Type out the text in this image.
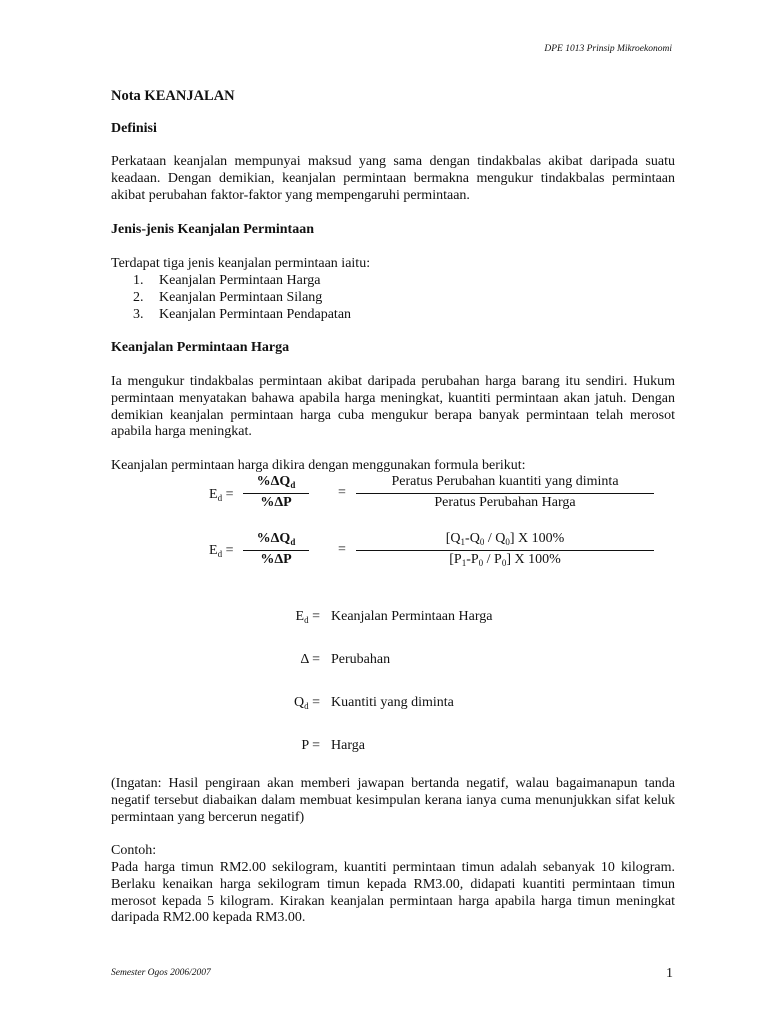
DPE 1013 Prinsip Mikroekonomi
Nota KEANJALAN
Definisi

Perkataan keanjalan mempunyai maksud yang sama dengan tindakbalas akibat daripada suatu keadaan. Dengan demikian, keanjalan permintaan bermakna mengukur tindakbalas permintaan akibat perubahan faktor-faktor yang mempengaruhi permintaan.

Jenis-jenis Keanjalan Permintaan
Terdapat tiga jenis keanjalan permintaan iaitu:
1. Keanjalan Permintaan Harga
2. Keanjalan Permintaan Silang
3. Keanjalan Permintaan Pendapatan
Keanjalan Permintaan Harga

Ia mengukur tindakbalas permintaan akibat daripada perubahan harga barang itu sendiri. Hukum permintaan menyatakan bahawa apabila harga meningkat, kuantiti permintaan akan jatuh. Dengan demikian keanjalan permintaan harga cuba mengukur berapa banyak permintaan telah merosot apabila harga meningkat.

Keanjalan permintaan harga dikira dengan menggunakan formula berikut:
$E_d$ =
$\%\Delta Q_d$
%ΔP
=
Peratus Perubahan kuantiti yang diminta
Peratus Perubahan Harga
$E_d$ =
$\%\Delta Q_d$
%ΔP
=
$[Q_1-Q_0 / Q_0]$ X 100%
$[P_1-P_0 / P_0]$ X 100%
$E_d$ = Keanjalan Permintaan Harga
Δ = Perubahan
$Q_d$ = Kuantiti yang diminta
P = Harga

(Ingatan: Hasil pengiraan akan memberi jawapan bertanda negatif, walau bagaimanapun tanda negatif tersebut diabaikan dalam membuat kesimpulan kerana ianya cuma menunjukkan sifat keluk permintaan yang bercerun negatif)

Contoh:

Pada harga timun RM2.00 sekilogram, kuantiti permintaan timun adalah sebanyak 10 kilogram. Berlaku kenaikan harga sekilogram timun kepada RM3.00, didapati kuantiti permintaan timun merosot kepada 5 kilogram. Kirakan keanjalan permintaan harga apabila harga timun meningkat daripada RM2.00 kepada RM3.00.

Semester Ogos 2006/2007	1
